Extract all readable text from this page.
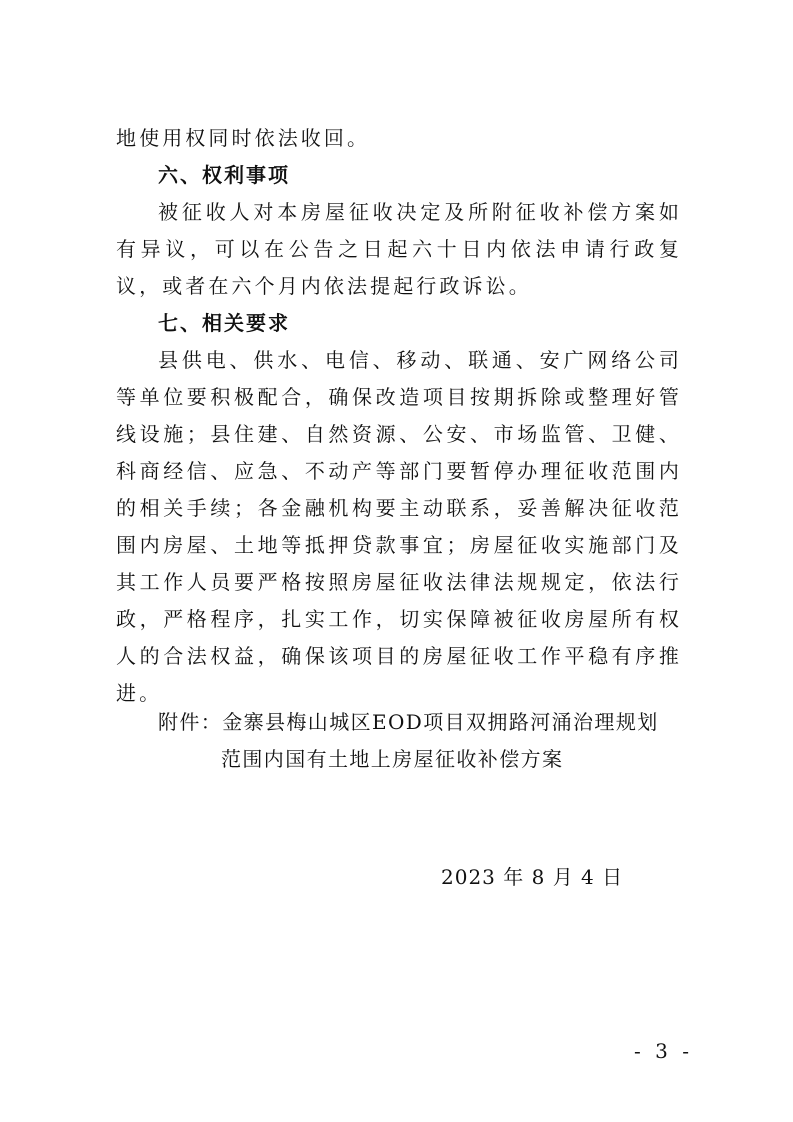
地使用权同时依法收回。
六、权利事项
被征收人对本房屋征收决定及所附征收补偿方案如有异议，可以在公告之日起六十日内依法申请行政复议，或者在六个月内依法提起行政诉讼。
七、相关要求
县供电、供水、电信、移动、联通、安广网络公司等单位要积极配合，确保改造项目按期拆除或整理好管线设施；县住建、自然资源、公安、市场监管、卫健、科商经信、应急、不动产等部门要暂停办理征收范围内的相关手续；各金融机构要主动联系，妥善解决征收范围内房屋、土地等抵押贷款事宜；房屋征收实施部门及其工作人员要严格按照房屋征收法律法规规定，依法行政，严格程序，扎实工作，切实保障被征收房屋所有权人的合法权益，确保该项目的房屋征收工作平稳有序推进。
附件：金寨县梅山城区EOD项目双拥路河涌治理规划
范围内国有土地上房屋征收补偿方案
2023 年 8 月 4 日
- 3 -
